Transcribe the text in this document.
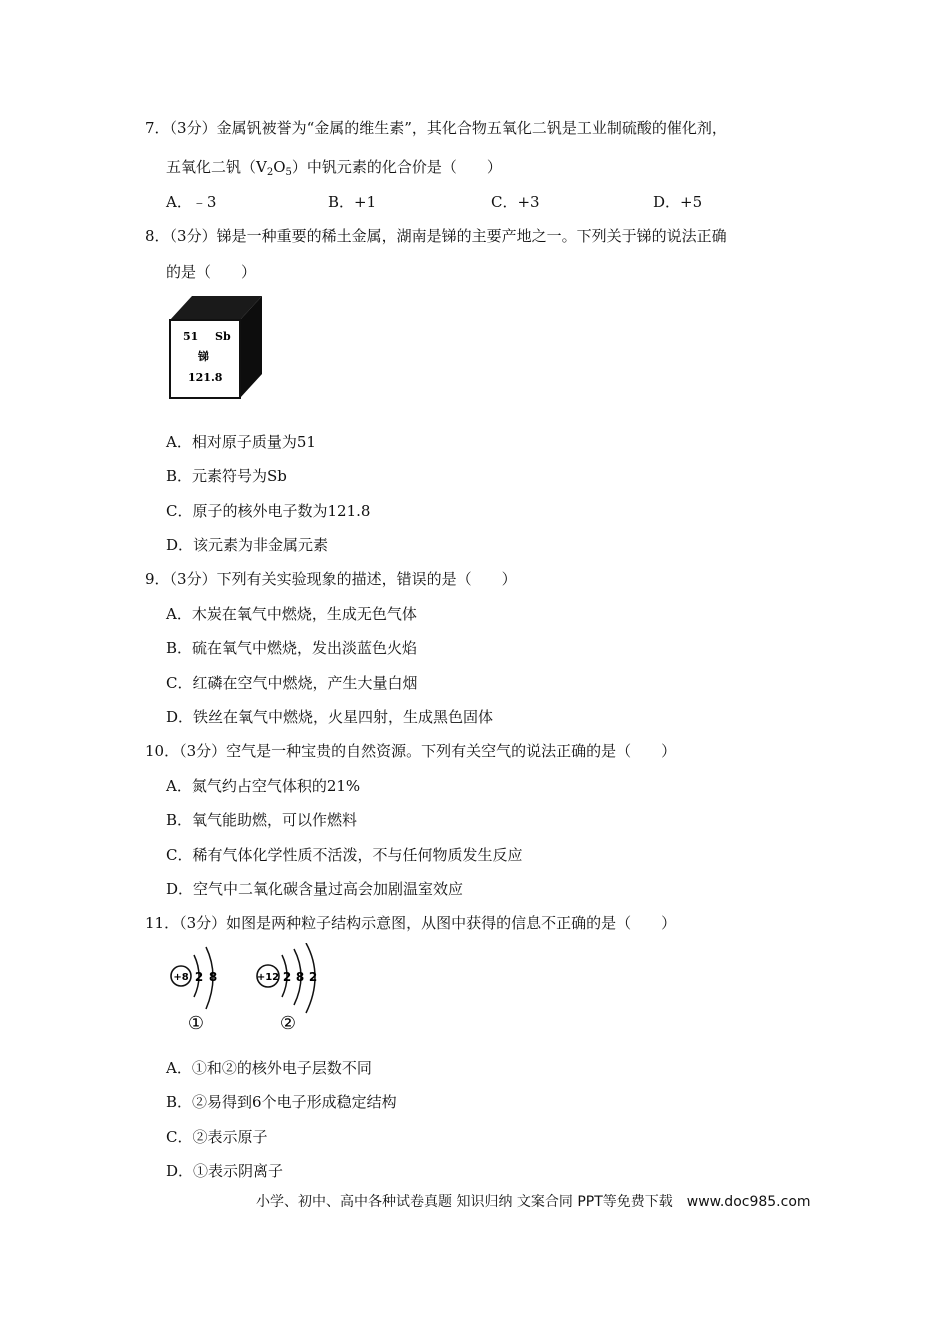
7．（3分）金属钒被誉为“金属的维生素”，其化合物五氧化二钒是工业制硫酸的催化剂，
五氧化二钒$(V_2O_5)$中钒元素的化合价是（　　）
A．﹣3	B．+1	C．+3	D．+5
8．（3分）锑是一种重要的稀土金属，湖南是锑的主要产地之一。下列关于锑的说法正确
的是（　　）
51 Sb
锑
121.8
A．相对原子质量为51
B．元素符号为Sb
C．原子的核外电子数为121.8
D．该元素为非金属元素
9．（3分）下列有关实验现象的描述，错误的是（　　）
A．木炭在氧气中燃烧，生成无色气体
B．硫在氧气中燃烧，发出淡蓝色火焰
C．红磷在空气中燃烧，产生大量白烟
D．铁丝在氧气中燃烧，火星四射，生成黑色固体
10．（3分）空气是一种宝贵的自然资源。下列有关空气的说法正确的是（　　）
A．氮气约占空气体积的21%
B．氧气能助燃，可以作燃料
C．稀有气体化学性质不活泼，不与任何物质发生反应
D．空气中二氧化碳含量过高会加剧温室效应
11．（3分）如图是两种粒子结构示意图，从图中获得的信息不正确的是（　　）
+8 2 8
①
+12 2 8 2
②
A．①和②的核外电子层数不同
B．②易得到6个电子形成稳定结构
C．②表示原子
D．①表示阴离子
小学、初中、高中各种试卷真题 知识归纳 文案合同 PPT等免费下载　www.doc985.com
